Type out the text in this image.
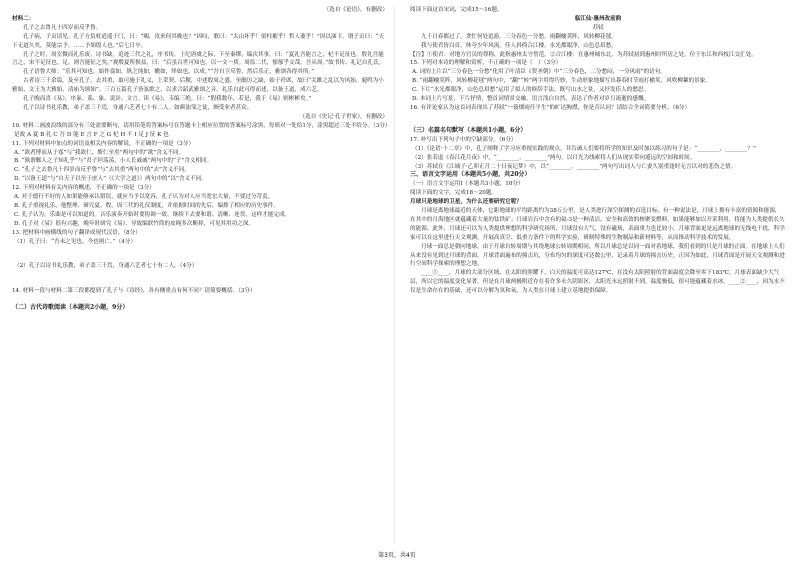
（选自《论语》，有删改）

材料二：

孔子之去鲁凡十四岁而反乎鲁。

孔子病，子贡请见。孔子方负杖逍遥于门，曰：“赐，汝来何其晚也？”因叹，歌曰：“太山坏乎！梁柱摧乎！哲人萎乎！”因以涕下。谓子贡曰：“天下无道久矣，莫能宗予。……予始殷人也。”后七日卒。

孔子之时，周室微而礼乐废，诗书缺。追迹三代之礼，序书传，上纪唐虞之际，下至秦缪，编次其事。曰：“夏礼吾能言之，杞不足征也。殷礼吾能言之，宋不足征也。足，则吾能征之矣。”观殷夏所损益，曰：“后虽百世可知也，以一文一质。周监二代，郁郁乎文哉。吾从周。”故书传、礼记自孔氏。

孔子语鲁大师：“乐其可知也。始作翕如，纵之纯如，皦如，绎如也，以成。”“吾自卫反鲁，然后乐正，雅颂各得其所。”

古者诗三千余篇，及至孔子，去其重，取可施于礼义，上采契、后稷，中述殷周之盛，至幽厉之缺，始于衽席，故曰“关雎之乱以为风始，鹿鸣为小雅始，文王为大雅始，清庙为颂始”。三百五篇孔子皆弦歌之，以求合韶武雅颂之音。礼乐自此可得而述，以备王道，成六艺。

孔子晚而喜《易》，序彖、系、象、说卦、文言。读《易》，韦编三绝。曰：“假我数年，若是，我于《易》则彬彬矣。”

孔子以诗书礼乐教，弟子盖三千焉，身通六艺者七十有二人。如颜浊邹之徒，颇受业者甚众。

（选自《史记·孔子世家》，有删改）

10. 材料二画波浪线的部分有三处需要断句，请用铅笔将答案标号在答题卡上相应位置的答案标号涂黑，每填对一处给1分，涂黑超过三处不给分。（3分）

是故 A 夏 B 礼 C 吾 D 能 E 言 F 之 G 杞 H 不 I 足 J 征 K 也

11. 下列对材料中加点的词语及相关内容的解说，不正确的一项是（3分）

A. “欲者博而从于寡”与“我欲仁，斯仁至矣”两句中的“欲”含义不同。

B. “孰谓鄹人之子知礼乎”与“君子坦荡荡，小人长戚戚”两句中的“子”含义相同。

C. “孔子之去鲁凡十四岁而反乎鲁”与“去其重”两句中的“去”含义不同。

D. “以备王道”与“自天子以至于庶人”（《大学之道》）两句中的“以”含义不同。

12. 下列对材料有关内容的概述，不正确的一项是（3分）

A. 对于德行不好的人如果能够承认错误，就应当予以宽容，孔子认为对人应当宽宏大量，不要过分苛责。

B. 孔子重视礼乐，他整理、研究夏、殷、周三代的礼仪制度，并依据时间的先后，编排了相应的历史事件。

C. 孔子认为，乐曲是可以知道的。音乐演奏开始时要协调一致，继续下去要和谐、清晰、连贯，这样才能完成。

D. 孔子对《易》很有兴趣，晚年时研究《易》，导致编联竹简的皮绳多次断掉，可见其用功之深。

13. 把材料中画横线的句子翻译成现代汉语。（8分）

（1）孔子曰：“吾未之见也，今也则亡。”（4分）

（2）孔子以诗书礼乐教，弟子盖三千焉，身通六艺者七十有二人。（4分）

14. 材料一段与材料二第三段都提到了孔子与《诗经》，各有侧重点有何不同？请简要概括。（3分）

（二）古代诗歌阅读（本题共2小题，9分）

阅读下面这首宋词，完成15～16题。

临江仙·惠州改前韵

苏轼

九十日春都过了，贪忙何处追游。三分春色一分愁。雨翻榆荚阵，风转柳花毬。

我与使君皆白首，休夸少年风流。佳人斜倚合江楼。水光都眼净，山色总眉愁。

【注】①使君：对地方官员的尊称，此指惠州太守詹范。②合江楼：在惠州城东北，为苏轼初到惠州时所居之处，位于东江和西枝江交汇处。

15. 下列对本诗的理解和赏析，不正确的一项是（　）（3分）

A. 词的上片以“三分春色一分愁”化用了叶清臣《贺圣朝》中“三分春色，二分愁闷，一分风雨”的语句。

B. “雨翻榆荚阵，风转柳花毬”两句中，“翻”“转”两字用得巧妙，生动形象地描写出暮春时节雨打榆荚、风吹柳絮的景象。

C. 下片“水光都眼净，山色总眉愁”运用了拟人的修辞手法，既写山水之景，又抒发佳人的愁思。

D. 本词上片写景，下片抒情，整首词情景交融，语言浅白自然，表达了作者对岁月流逝的感慨。

16. 有评论家认为这首词表现出了苏轼“一蓑烟雨任平生”的旷达胸襟，你是否认同？请结合全词简要分析。（6分）

（三）名篇名句默写（本题共1小题，6分）

17. 补写出下列句子中的空缺部分。（6分）

（1）《论语·十二章》中，孔子阐释了学习应重视实践的观点，并告诫人们要将所学的知识及时加以练习的句子是：“________，________？”

（2）张若虚《春江花月夜》中，“________，________”两句，以月光为线索将人们从现实带向遥远的空间和时间。

（3）苏轼在《江城子·乙卯正月二十日夜记梦》中，以“________，________”两句写出词人与亡妻久别重逢时无言以对的悲伤之情。

三、语言文字运用（本题共5小题，共20分）

（一）语言文字运用Ⅰ（本题共3小题，10分）

阅读下面的文字，完成18～20题。

月球只是地球的卫星，为什么还要研究它呢？

月球是离地球最近的天体，它距地球的平均距离约为38万公里，是人类进行深空探测的首选目标。有一种说法是，月球上拥有丰富的资源和能源，在其中的月海地区就蕴藏着大量的钛铁矿；月球岩石中含有的氦-3是一种清洁、安全和高效的核聚变燃料，如果能够加以开采利用，将能为人类提供长久的能源。此外，月球还可以为人类提供理想的科学研究场所，月球没有大气，没有磁场，表面重力也比较小，月球背面更是远离地球的无线电干扰，科学家可以在这里进行天文观测，开展高真空、低重力条件下的科学实验，研制特殊的生物制品和新材料等，从而推动科学技术的发展。

月球一面总是朝向地球，由于月球自转周期与其绕地球公转周期相同，所以月球总是以同一面对着地球，我们看到的只是月球的正面。在地球上人们从来没有见到过月球的背面，月球背面遍布的撞击坑，分布均匀的深度可达数公里，记录着月球的撞击历史。正因为如此，月球背面是开展天文观测和进行空间科学探索的理想之地。

____①____。月球的大部分区域，在太阳的照耀下，白天的温度可高达127℃，在没有太阳照射的背面温度会降至零下183℃。月球表面缺少大气层，所以它的温度变化显著，但是在月球两极附近存在着许多永久阴影区，太阳光永远照射不到，温度极低，很可能蕴藏着水冰。____②____，因为水不仅是生命存在的基础，还可以分解为氢和氧，为人类在月球上建立基地提供保障。

第3页，共4页
